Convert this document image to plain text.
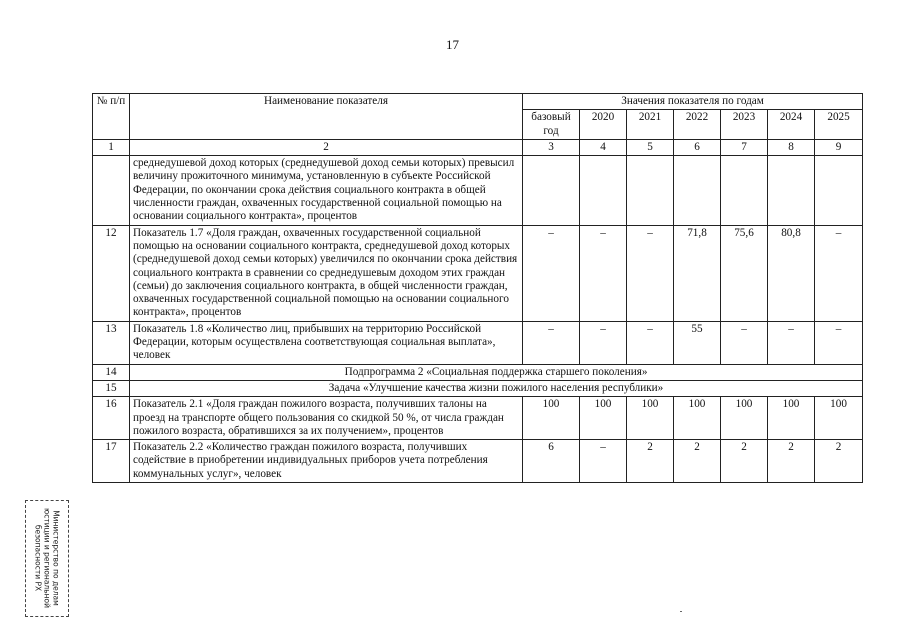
17
№ п/п	Наименование показателя	Значения показателя по годам						
		базовый год	2020	2021	2022	2023	2024	2025
1	2	3	4	5	6	7	8	9
	среднедушевой доход которых (среднедушевой доход семьи которых) превысил величину прожиточного минимума, установленную в субъекте Российской Федерации, по окончании срока действия социального контракта в общей численности граждан, охваченных государственной социальной помощью на основании социального контракта», процентов							
12	Показатель 1.7 «Доля граждан, охваченных государственной социальной помощью на основании социального контракта, среднедушевой доход которых (среднедушевой доход семьи которых) увеличился по окончании срока действия социального контракта в сравнении со среднедушевым доходом этих граждан (семьи) до заключения социального контракта, в общей численности граждан, охваченных государственной социальной помощью на основании социального контракта», процентов	–	–	–	71,8	75,6	80,8	–
13	Показатель 1.8 «Количество лиц, прибывших на территорию Российской Федерации, которым осуществлена соответствующая социальная выплата», человек	–	–	–	55	–	–	–
14	Подпрограмма 2 «Социальная поддержка старшего поколения»							
15	Задача «Улучшение качества жизни пожилого населения республики»							
16	Показатель 2.1 «Доля граждан пожилого возраста, получивших талоны на проезд на транспорте общего пользования со скидкой 50 %, от числа граждан пожилого возраста, обратившихся за их получением», процентов	100	100	100	100	100	100	100
17	Показатель 2.2 «Количество граждан пожилого возраста, получивших содействие в приобретении индивидуальных приборов учета потребления коммунальных услуг», человек	6	–	2	2	2	2	2
Министерство по делам
юстиции и региональной
безопасности РХ
